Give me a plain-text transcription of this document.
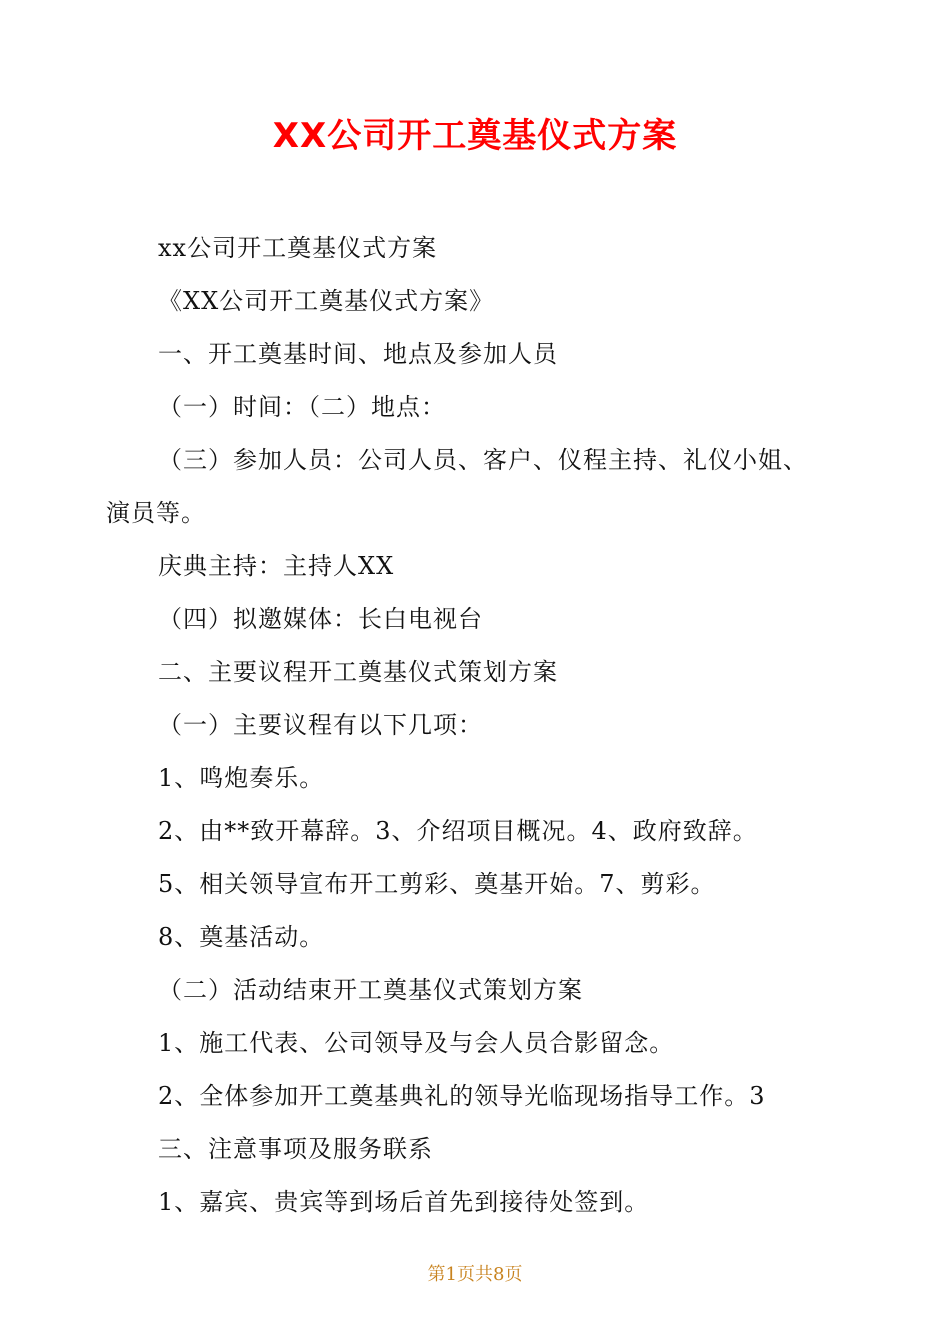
XX公司开工奠基仪式方案
xx公司开工奠基仪式方案
《XX公司开工奠基仪式方案》
一、开工奠基时间、地点及参加人员
（一）时间：（二）地点：
（三）参加人员：公司人员、客户、仪程主持、礼仪小姐、
演员等。
庆典主持：主持人XX
（四）拟邀媒体：长白电视台
二、主要议程开工奠基仪式策划方案
（一）主要议程有以下几项：
1、鸣炮奏乐。
2、由**致开幕辞。3、介绍项目概况。4、政府致辞。
5、相关领导宣布开工剪彩、奠基开始。7、剪彩。
8、奠基活动。
（二）活动结束开工奠基仪式策划方案
1、施工代表、公司领导及与会人员合影留念。
2、全体参加开工奠基典礼的领导光临现场指导工作。3
三、注意事项及服务联系
1、嘉宾、贵宾等到场后首先到接待处签到。
第1页共8页
